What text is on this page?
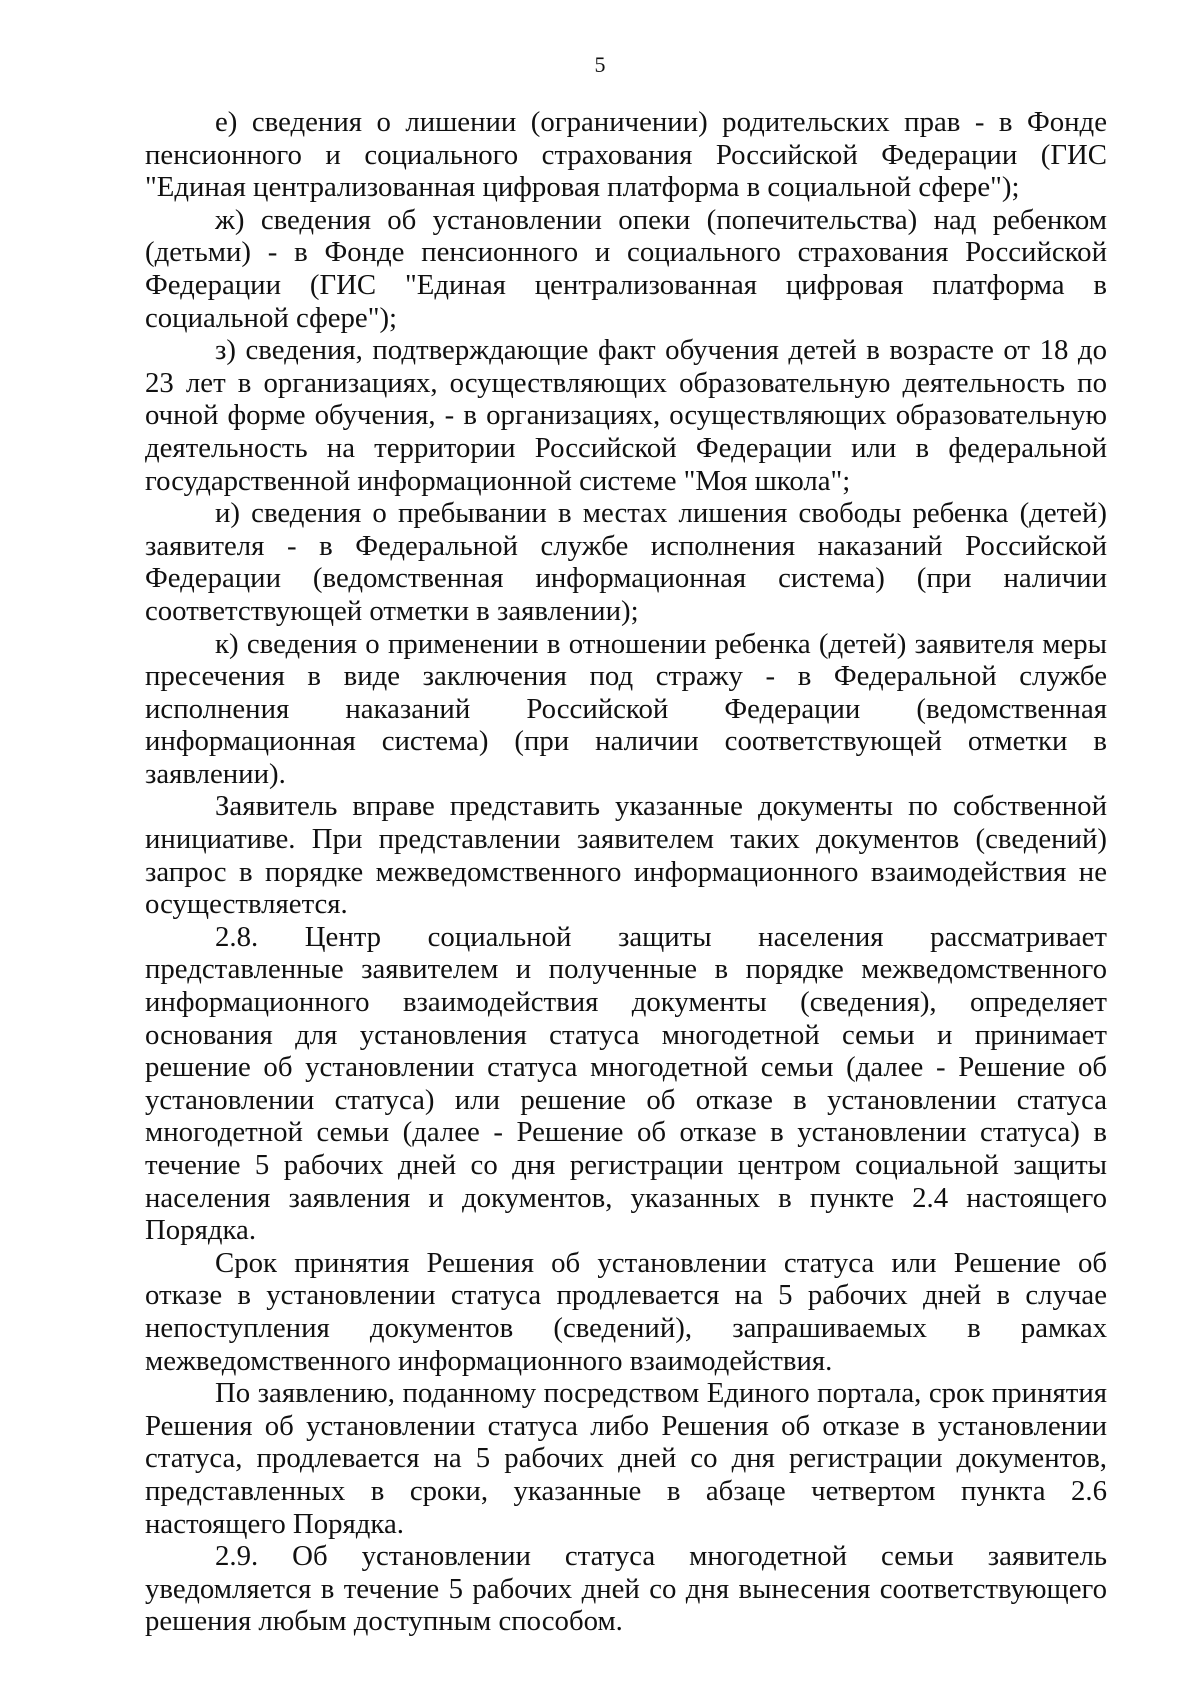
5

е) сведения о лишении (ограничении) родительских прав - в Фонде пенсионного и социального страхования Российской Федерации (ГИС "Единая централизованная цифровая платформа в социальной сфере");

ж) сведения об установлении опеки (попечительства) над ребенком (детьми) - в Фонде пенсионного и социального страхования Российской Федерации (ГИС "Единая централизованная цифровая платформа в социальной сфере");

з) сведения, подтверждающие факт обучения детей в возрасте от 18 до 23 лет в организациях, осуществляющих образовательную деятельность по очной форме обучения, - в организациях, осуществляющих образовательную деятельность на территории Российской Федерации или в федеральной государственной информационной системе "Моя школа";

и) сведения о пребывании в местах лишения свободы ребенка (детей) заявителя - в Федеральной службе исполнения наказаний Российской Федерации (ведомственная информационная система) (при наличии соответствующей отметки в заявлении);

к) сведения о применении в отношении ребенка (детей) заявителя меры пресечения в виде заключения под стражу - в Федеральной службе исполнения наказаний Российской Федерации (ведомственная информационная система) (при наличии соответствующей отметки в заявлении).

Заявитель вправе представить указанные документы по собственной инициативе. При представлении заявителем таких документов (сведений) запрос в порядке межведомственного информационного взаимодействия не осуществляется.

2.8. Центр социальной защиты населения рассматривает представленные заявителем и полученные в порядке межведомственного информационного взаимодействия документы (сведения), определяет основания для установления статуса многодетной семьи и принимает решение об установлении статуса многодетной семьи (далее - Решение об установлении статуса) или решение об отказе в установлении статуса многодетной семьи (далее - Решение об отказе в установлении статуса) в течение 5 рабочих дней со дня регистрации центром социальной защиты населения заявления и документов, указанных в пункте 2.4 настоящего Порядка.

Срок принятия Решения об установлении статуса или Решение об отказе в установлении статуса продлевается на 5 рабочих дней в случае непоступления документов (сведений), запрашиваемых в рамках межведомственного информационного взаимодействия.

По заявлению, поданному посредством Единого портала, срок принятия Решения об установлении статуса либо Решения об отказе в установлении статуса, продлевается на 5 рабочих дней со дня регистрации документов, представленных в сроки, указанные в абзаце четвертом пункта 2.6 настоящего Порядка.

2.9. Об установлении статуса многодетной семьи заявитель уведомляется в течение 5 рабочих дней со дня вынесения соответствующего решения любым доступным способом.
